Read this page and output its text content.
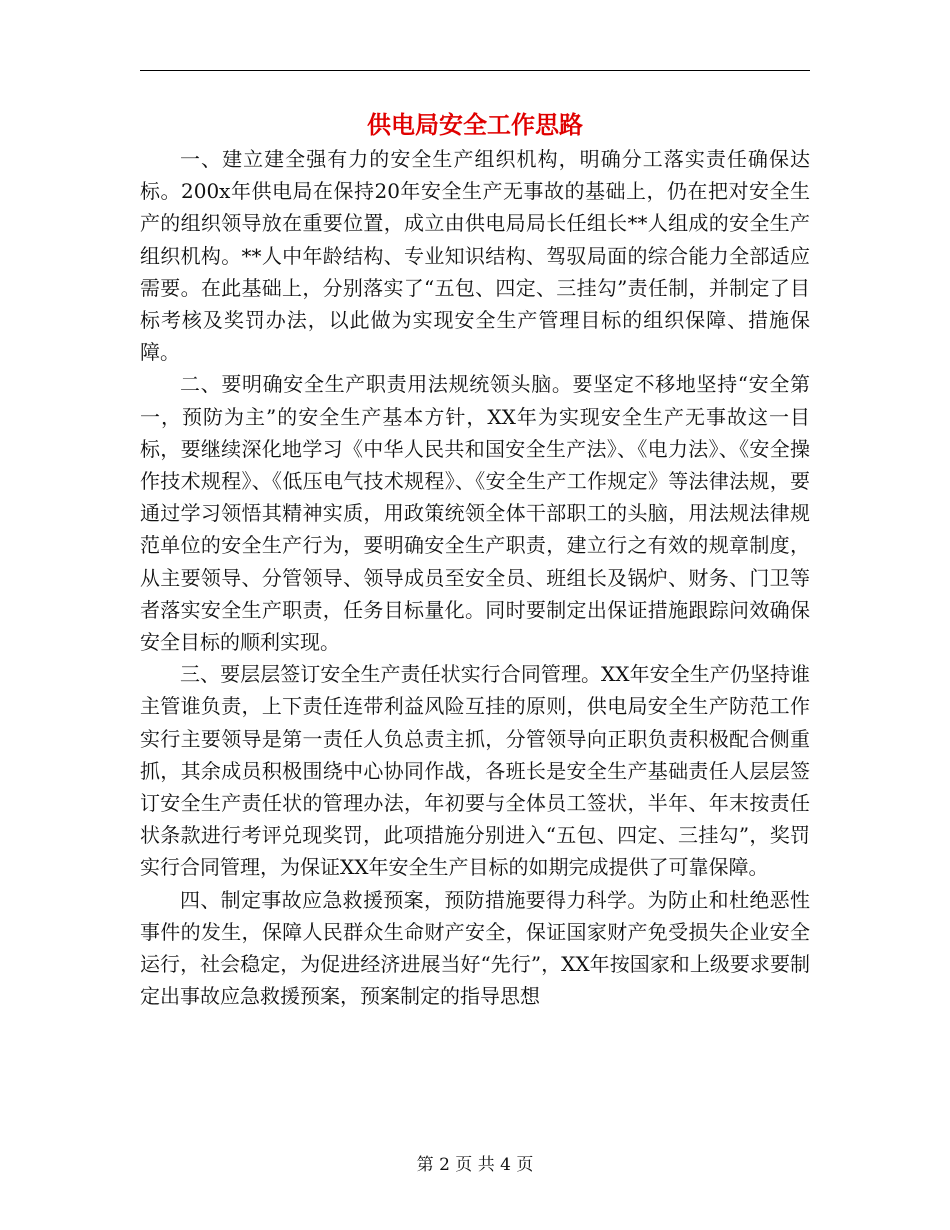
供电局安全工作思路

一、建立建全强有力的安全生产组织机构，明确分工落实责任确保达标。200x年供电局在保持20年安全生产无事故的基础上，仍在把对安全生产的组织领导放在重要位置，成立由供电局局长任组长**人组成的安全生产组织机构。**人中年龄结构、专业知识结构、驾驭局面的综合能力全部适应需要。在此基础上，分别落实了“五包、四定、三挂勾”责任制，并制定了目标考核及奖罚办法，以此做为实现安全生产管理目标的组织保障、措施保障。

二、要明确安全生产职责用法规统领头脑。要坚定不移地坚持“安全第一，预防为主”的安全生产基本方针，XX年为实现安全生产无事故这一目标，要继续深化地学习《中华人民共和国安全生产法》、《电力法》、《安全操作技术规程》、《低压电气技术规程》、《安全生产工作规定》等法律法规，要通过学习领悟其精神实质，用政策统领全体干部职工的头脑，用法规法律规范单位的安全生产行为，要明确安全生产职责，建立行之有效的规章制度，从主要领导、分管领导、领导成员至安全员、班组长及锅炉、财务、门卫等者落实安全生产职责，任务目标量化。同时要制定出保证措施跟踪问效确保安全目标的顺利实现。

三、要层层签订安全生产责任状实行合同管理。XX年安全生产仍坚持谁主管谁负责，上下责任连带利益风险互挂的原则，供电局安全生产防范工作实行主要领导是第一责任人负总责主抓，分管领导向正职负责积极配合侧重抓，其余成员积极围绕中心协同作战，各班长是安全生产基础责任人层层签订安全生产责任状的管理办法，年初要与全体员工签状，半年、年末按责任状条款进行考评兑现奖罚，此项措施分别进入“五包、四定、三挂勾”，奖罚实行合同管理，为保证XX年安全生产目标的如期完成提供了可靠保障。

四、制定事故应急救援预案，预防措施要得力科学。为防止和杜绝恶性事件的发生，保障人民群众生命财产安全，保证国家财产免受损失企业安全运行，社会稳定，为促进经济进展当好“先行”，XX年按国家和上级要求要制定出事故应急救援预案，预案制定的指导思想

第 2 页 共 4 页
